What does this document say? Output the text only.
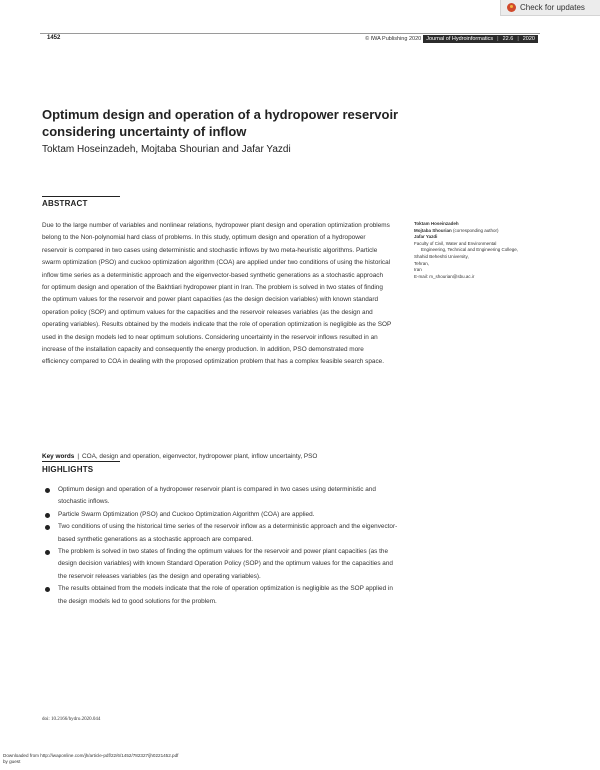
Check for updates
1452	© IWA Publishing 2020 Journal of Hydroinformatics | 22.6 | 2020
Optimum design and operation of a hydropower reservoir
considering uncertainty of inflow
Toktam Hoseinzadeh, Mojtaba Shourian and Jafar Yazdi
ABSTRACT
Due to the large number of variables and nonlinear relations, hydropower plant design and operation optimization problems belong to the Non-polynomial hard class of problems. In this study, optimum design and operation of a hydropower reservoir is compared in two cases using deterministic and stochastic inflows by two meta-heuristic algorithms. Particle swarm optimization (PSO) and cuckoo optimization algorithm (COA) are applied under two conditions of using the historical inflow time series as a deterministic approach and the eigenvector-based synthetic generations as a stochastic approach for optimum design and operation of the Bakhtiari hydropower plant in Iran. The problem is solved in two states of finding the optimum values for the reservoir and power plant capacities (as the design decision variables) with known standard operation policy (SOP) and optimum values for the capacities and the reservoir releases variables (as the design and operating variables). Results obtained by the models indicate that the role of operation optimization is negligible as the SOP used in the design models led to near optimum solutions. Considering uncertainty in the reservoir inflows resulted in an increase of the installation capacity and consequently the energy production. In addition, PSO demonstrated more efficiency compared to COA in dealing with the proposed optimization problem that has a complex feasible search space.
Key words | COA, design and operation, eigenvector, hydropower plant, inflow uncertainty, PSO
Toktam Hoseinzadeh
Mojtaba Shourian (corresponding author)
Jafar Yazdi
Faculty of Civil, Water and Environmental
Engineering, Technical and Engineering College,
Shahid Beheshti University,
Tehran,
Iran
E-mail: m_shourian@sbu.ac.ir
HIGHLIGHTS
Optimum design and operation of a hydropower reservoir plant is compared in two cases using deterministic and stochastic inflows.
Particle Swarm Optimization (PSO) and Cuckoo Optimization Algorithm (COA) are applied.
Two conditions of using the historical time series of the reservoir inflow as a deterministic approach and the eigenvector-based synthetic generations as a stochastic approach are compared.
The problem is solved in two states of finding the optimum values for the reservoir and power plant capacities (as the design decision variables) with known Standard Operation Policy (SOP) and the optimum values for the capacities and the reservoir releases variables (as the design and operating variables).
The results obtained from the models indicate that the role of operation optimization is negligible as the SOP applied in the design models led to good solutions for the problem.
doi: 10.2166/hydro.2020.044
Downloaded from http://iwaponline.com/jh/article-pdf/22/6/1452/782327/jh0221452.pdf
by guest
